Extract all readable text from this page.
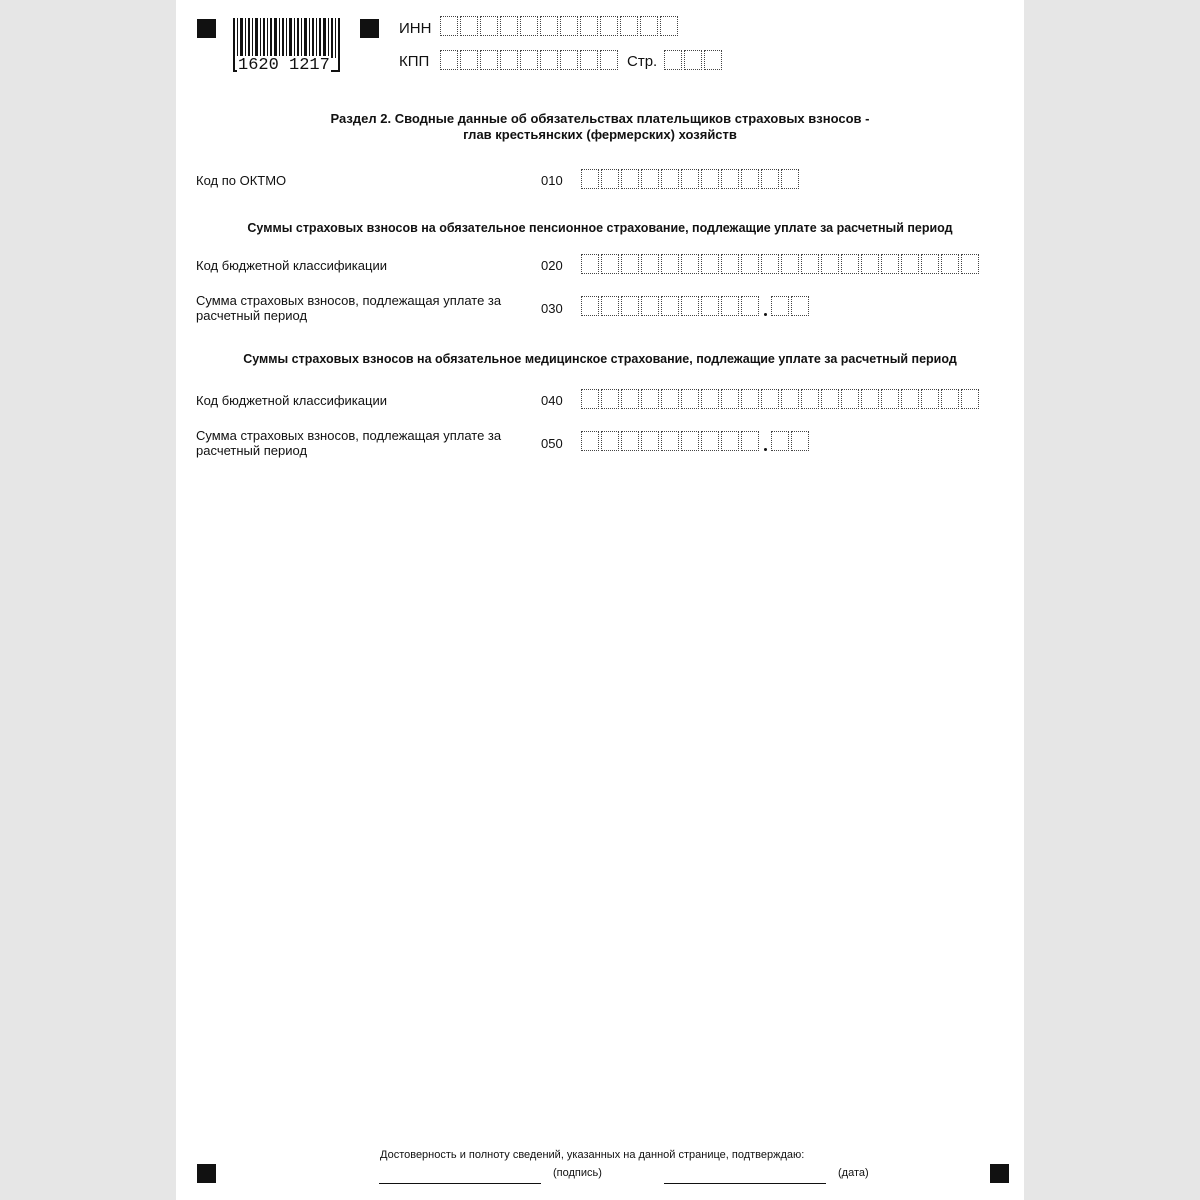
1620 1217
ИНН
КПП	Стр.
Раздел 2. Сводные данные об обязательствах плательщиков страховых взносов -
глав крестьянских (фермерских) хозяйств
Код по ОКТМО	010
Суммы страховых взносов на обязательное пенсионное страхование, подлежащие уплате за расчетный период
Код бюджетной классификации	020
Сумма страховых взносов, подлежащая уплате за
расчетный период	030
Суммы страховых взносов на обязательное медицинское страхование, подлежащие уплате за расчетный период
Код бюджетной классификации	040
Сумма страховых взносов, подлежащая уплате за
расчетный период	050
Достоверность и полноту сведений, указанных на данной странице, подтверждаю:
(подпись)	(дата)
